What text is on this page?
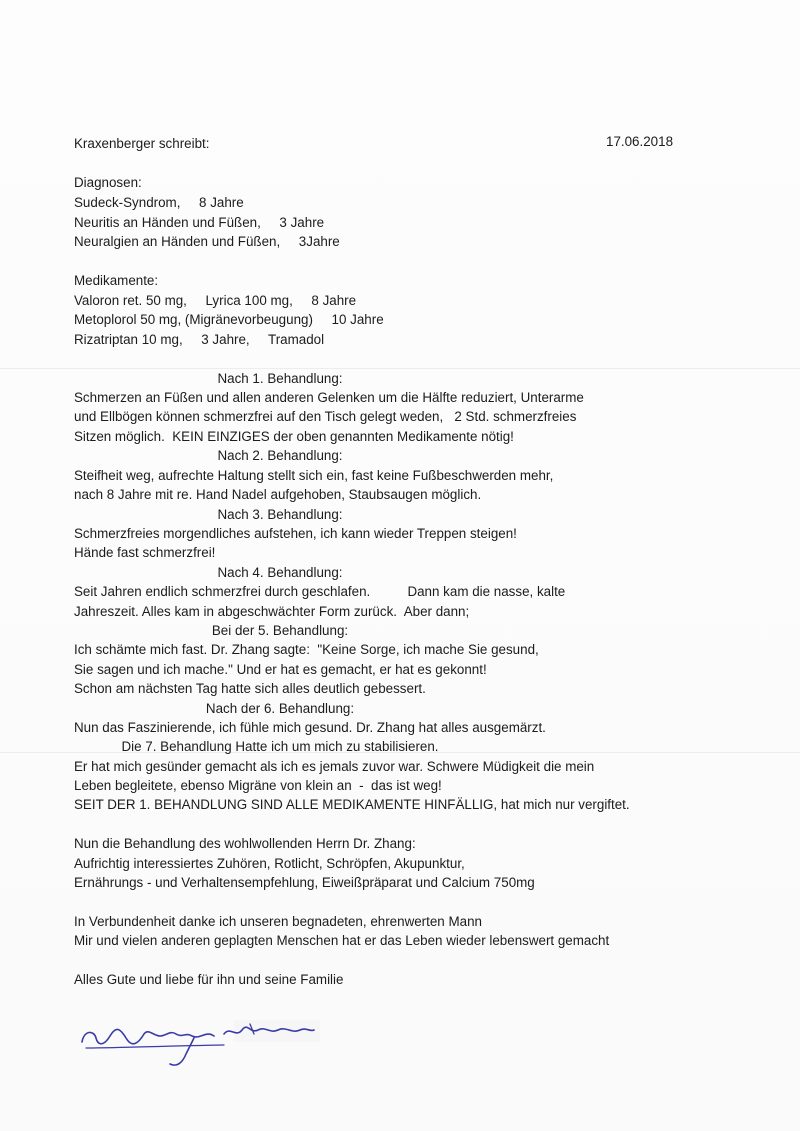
Kraxenberger schreibt:	17.06.2018
Diagnosen:
Sudeck-Syndrom,     8 Jahre
Neuritis an Händen und Füßen,     3 Jahre
Neuralgien an Händen und Füßen,     3Jahre
Medikamente:
Valoron ret. 50 mg,     Lyrica 100 mg,     8 Jahre
Metoplorol 50 mg, (Migränevorbeugung)     10 Jahre
Rizatriptan 10 mg,     3 Jahre,     Tramadol
Nach 1. Behandlung:
Schmerzen an Füßen und allen anderen Gelenken um die Hälfte reduziert, Unterarme
und Ellbögen können schmerzfrei auf den Tisch gelegt weden,   2 Std. schmerzfreies
Sitzen möglich.  KEIN EINZIGES der oben genannten Medikamente nötig!
Nach 2. Behandlung:
Steifheit weg, aufrechte Haltung stellt sich ein, fast keine Fußbeschwerden mehr,
nach 8 Jahre mit re. Hand Nadel aufgehoben, Staubsaugen möglich.
Nach 3. Behandlung:
Schmerzfreies morgendliches aufstehen, ich kann wieder Treppen steigen!
Hände fast schmerzfrei!
Nach 4. Behandlung:
Seit Jahren endlich schmerzfrei durch geschlafen.          Dann kam die nasse, kalte
Jahreszeit. Alles kam in abgeschwächter Form zurück.  Aber dann;
Bei der 5. Behandlung:
Ich schämte mich fast. Dr. Zhang sagte:  "Keine Sorge, ich mache Sie gesund,
Sie sagen und ich mache." Und er hat es gemacht, er hat es gekonnt!
Schon am nächsten Tag hatte sich alles deutlich gebessert.
Nach der 6. Behandlung:
Nun das Faszinierende, ich fühle mich gesund. Dr. Zhang hat alles ausgemärzt.
Die 7. Behandlung Hatte ich um mich zu stabilisieren.
Er hat mich gesünder gemacht als ich es jemals zuvor war. Schwere Müdigkeit die mein
Leben begleitete, ebenso Migräne von klein an  -  das ist weg!
SEIT DER 1. BEHANDLUNG SIND ALLE MEDIKAMENTE HINFÄLLIG, hat mich nur vergiftet.
Nun die Behandlung des wohlwollenden Herrn Dr. Zhang:
Aufrichtig interessiertes Zuhören, Rotlicht, Schröpfen, Akupunktur,
Ernährungs - und Verhaltensempfehlung, Eiweißpräparat und Calcium 750mg
In Verbundenheit danke ich unseren begnadeten, ehrenwerten Mann
Mir und vielen anderen geplagten Menschen hat er das Leben wieder lebenswert gemacht
Alles Gute und liebe für ihn und seine Familie
